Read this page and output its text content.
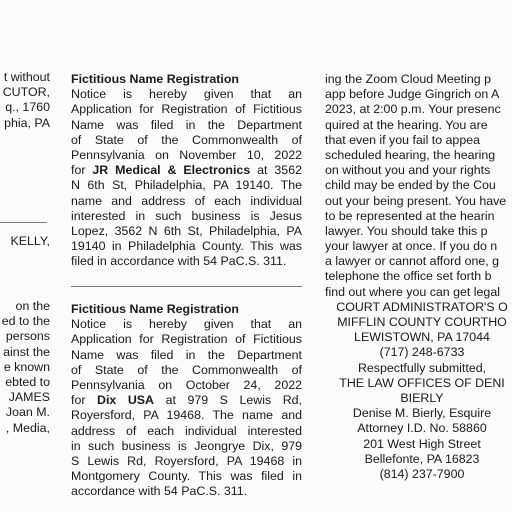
t without
CUTOR,
q., 1760
phia, PA
KELLY,
on the
ed to the
persons
ainst the
e known
ebted to
JAMES
Joan M.
, Media,
Fictitious Name Registration
Notice is hereby given that an
Application for Registration of Fictitious
Name was filed in the Department
of State of the Commonwealth of
Pennsylvania on November 10, 2022
for JR Medical & Electronics at 3562
N 6th St, Philadelphia, PA 19140. The
name and address of each individual
interested in such business is Jesus
Lopez, 3562 N 6th St, Philadelphia, PA
19140 in Philadelphia County. This was
filed in accordance with 54 PaC.S. 311.
Fictitious Name Registration
Notice is hereby given that an
Application for Registration of Fictitious
Name was filed in the Department
of State of the Commonwealth of
Pennsylvania on October 24, 2022
for Dix USA at 979 S Lewis Rd,
Royersford, PA 19468. The name and
address of each individual interested
in such business is Jeongrye Dix, 979
S Lewis Rd, Royersford, PA 19468 in
Montgomery County. This was filed in
accordance with 54 PaC.S. 311.
ing the Zoom Cloud Meeting p
app before Judge Gingrich on A
2023, at 2:00 p.m. Your presenc
quired at the hearing. You are
that even if you fail to appea
scheduled hearing, the hearing
on without you and your rights
child may be ended by the Cou
out your being present. You have
to be represented at the hearin
lawyer. You should take this p
your lawyer at once. If you do n
a lawyer or cannot afford one, g
telephone the office set forth b
find out where you can get legal
COURT ADMINISTRATOR'S O
MIFFLIN COUNTY COURTHO
LEWISTOWN, PA 17044
(717) 248-6733
Respectfully submitted,
THE LAW OFFICES OF DENI
BIERLY
Denise M. Bierly, Esquire
Attorney I.D. No. 58860
201 West High Street
Bellefonte, PA 16823
(814) 237-7900
